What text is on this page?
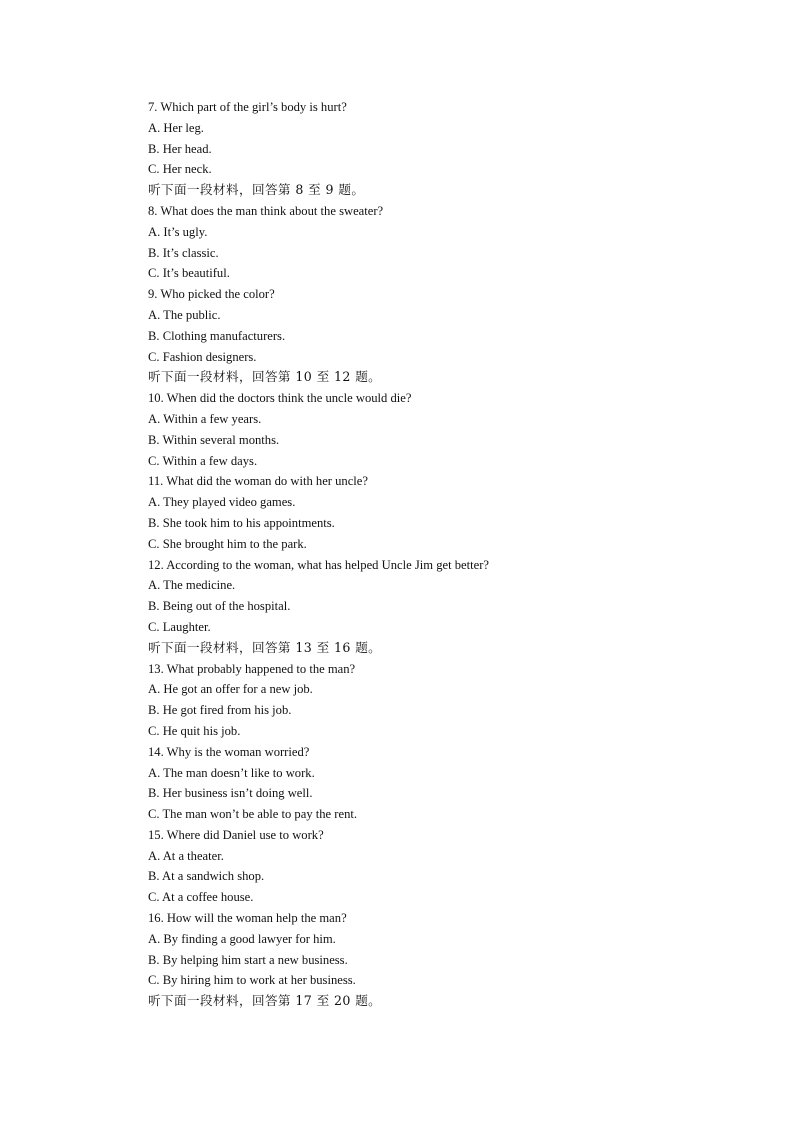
7. Which part of the girl’s body is hurt?
A. Her leg.
B. Her head.
C. Her neck.
听下面一段材料，回答第 8 至 9 题。
8. What does the man think about the sweater?
A. It’s ugly.
B. It’s classic.
C. It’s beautiful.
9. Who picked the color?
A. The public.
B. Clothing manufacturers.
C. Fashion designers.
听下面一段材料，回答第 10 至 12 题。
10. When did the doctors think the uncle would die?
A. Within a few years.
B. Within several months.
C. Within a few days.
11. What did the woman do with her uncle?
A. They played video games.
B. She took him to his appointments.
C. She brought him to the park.
12. According to the woman, what has helped Uncle Jim get better?
A. The medicine.
B. Being out of the hospital.
C. Laughter.
听下面一段材料，回答第 13 至 16 题。
13. What probably happened to the man?
A. He got an offer for a new job.
B. He got fired from his job.
C. He quit his job.
14. Why is the woman worried?
A. The man doesn’t like to work.
B. Her business isn’t doing well.
C. The man won’t be able to pay the rent.
15. Where did Daniel use to work?
A. At a theater.
B. At a sandwich shop.
C. At a coffee house.
16. How will the woman help the man?
A. By finding a good lawyer for him.
B. By helping him start a new business.
C. By hiring him to work at her business.
听下面一段材料，回答第 17 至 20 题。
